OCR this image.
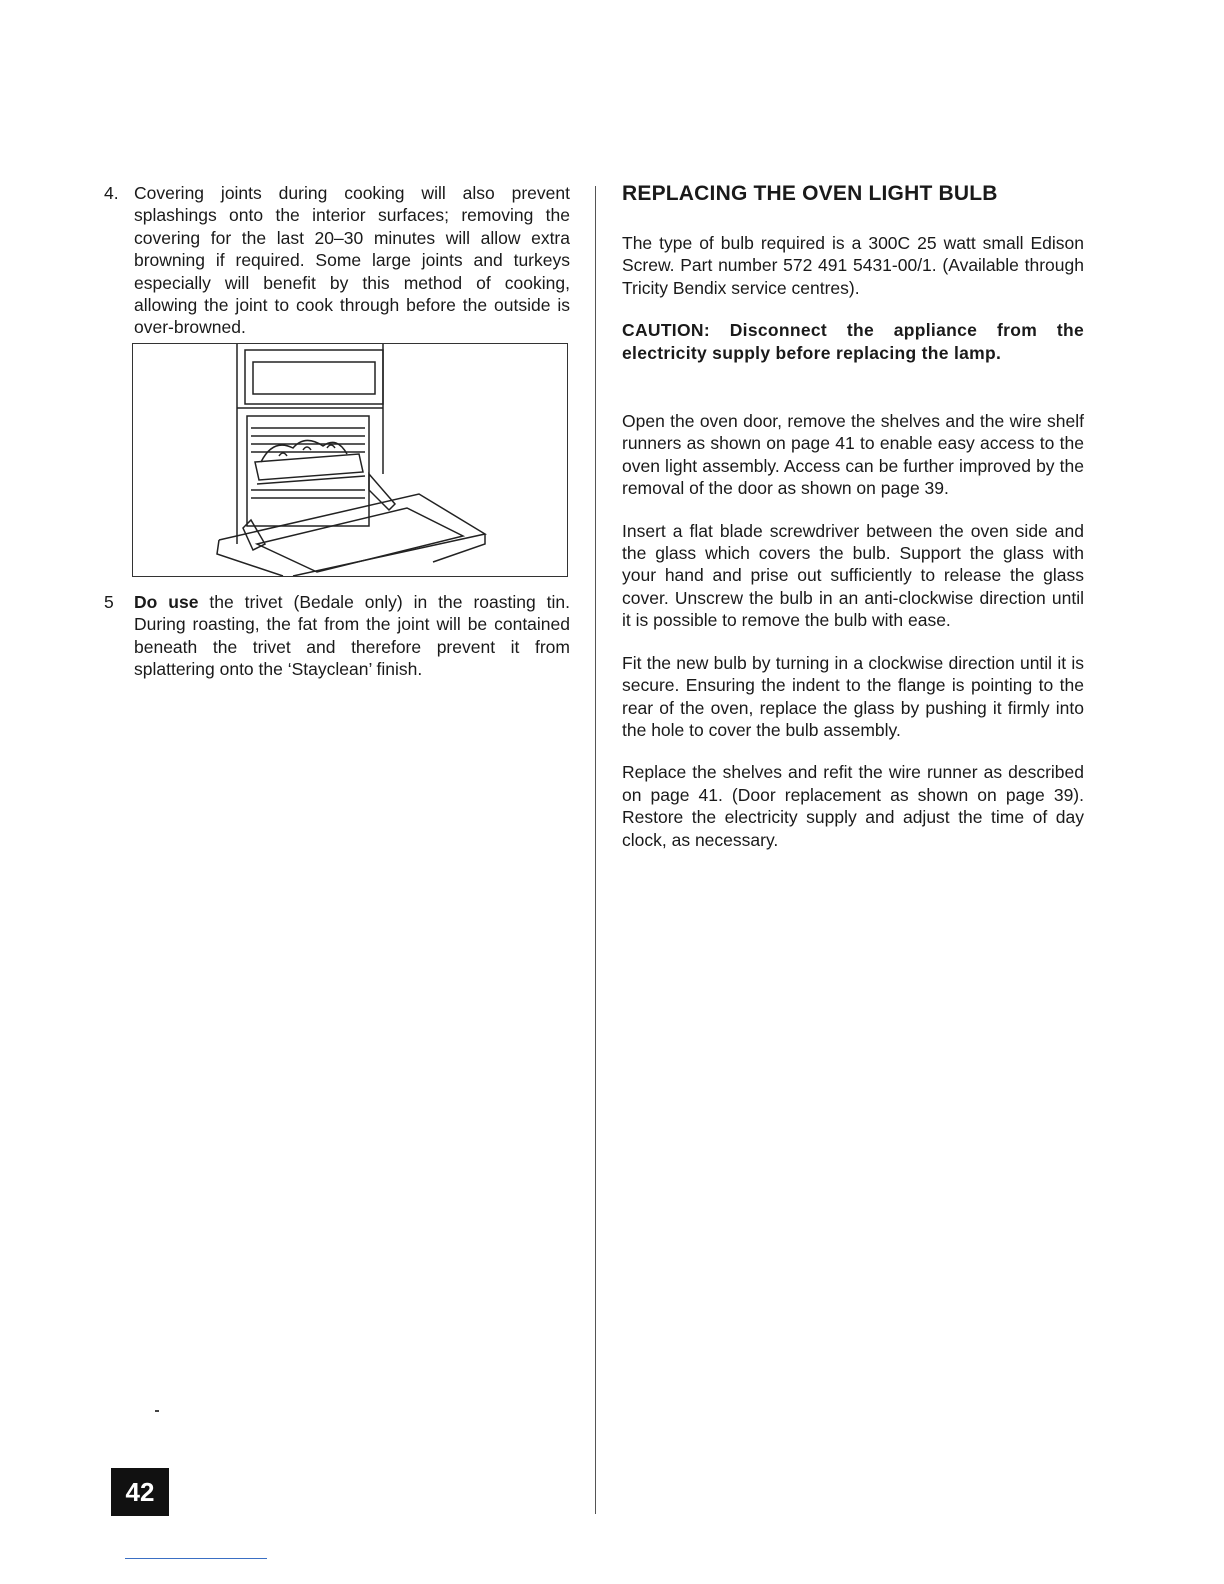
4. Covering joints during cooking will also prevent splashings onto the interior surfaces; removing the covering for the last 20–30 minutes will allow extra browning if required. Some large joints and turkeys especially will benefit by this method of cooking, allowing the joint to cook through before the outside is over-browned.
5	Do use the trivet (Bedale only) in the roasting tin. During roasting, the fat from the joint will be contained beneath the trivet and therefore prevent it from splattering onto the ‘Stayclean’ finish.
REPLACING THE OVEN LIGHT BULB

The type of bulb required is a 300C 25 watt small Edison Screw. Part number 572 491 5431-00/1. (Available through Tricity Bendix service centres).

CAUTION: Disconnect the appliance from the electricity supply before replacing the lamp.

Open the oven door, remove the shelves and the wire shelf runners as shown on page 41 to enable easy access to the oven light assembly. Access can be further improved by the removal of the door as shown on page 39.

Insert a flat blade screwdriver between the oven side and the glass which covers the bulb. Support the glass with your hand and prise out sufficiently to release the glass cover. Unscrew the bulb in an anti-clockwise direction until it is possible to remove the bulb with ease.

Fit the new bulb by turning in a clockwise direction until it is secure. Ensuring the indent to the flange is pointing to the rear of the oven, replace the glass by pushing it firmly into the hole to cover the bulb assembly.

Replace the shelves and refit the wire runner as described on page 41. (Door replacement as shown on page 39). Restore the electricity supply and adjust the time of day clock, as necessary.

42
